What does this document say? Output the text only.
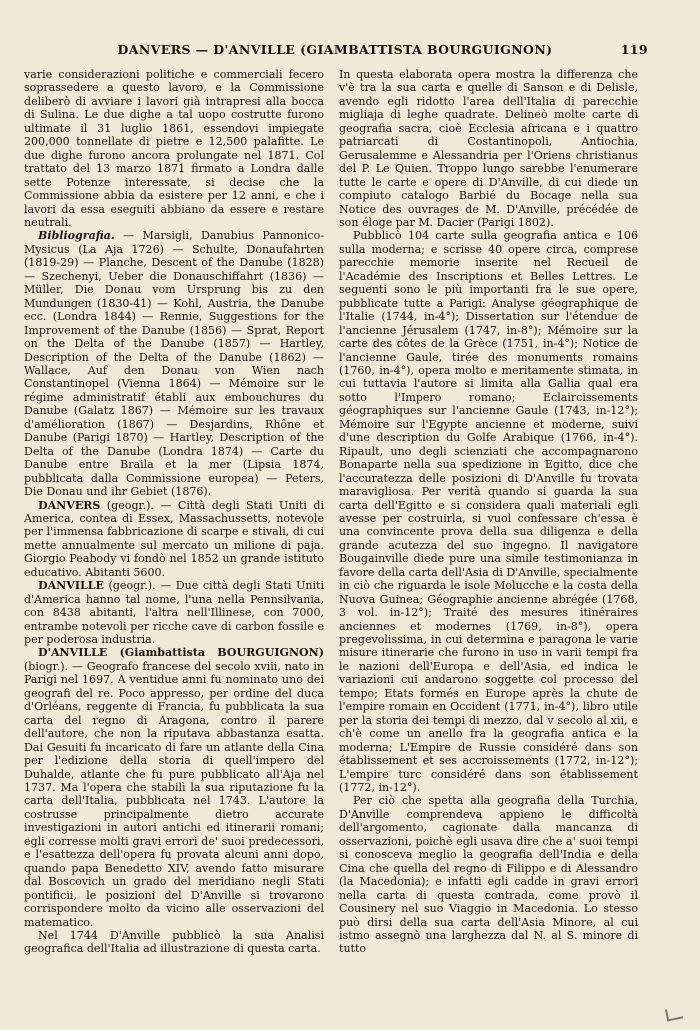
DANVERS — D'ANVILLE (GIAMBATTISTA BOURGUIGNON)	119

varie considerazioni politiche e commerciali fecero soprassedere a questo lavoro, e la Commissione deliberò di avviare i lavori già intrapresi alla bocca di Sulina. Le due dighe a tal uopo costrutte furono ultimate il 31 luglio 1861, essendovi impiegate 200,000 tonnellate di pietre e 12,500 palafitte. Le due dighe furono ancora prolungate nel 1871. Col trattato del 13 marzo 1871 firmato a Londra dalle sette Potenze interessate, si decise che la Commissione abbia da esistere per 12 anni, e che i lavori da essa eseguiti abbiano da essere e restare neutrali.

Bibliografia. — Marsigli, Danubius Pannonico-Mysicus (La Aja 1726) — Schulte, Donaufahrten (1819-29) — Planche, Descent of the Danube (1828) — Szechenyi, Ueber die Donauschiffahrt (1836) — Müller, Die Donau vom Ursprung bis zu den Mundungen (1830-41) — Kohl, Austria, the Danube ecc. (Londra 1844) — Rennie, Suggestions for the Improvement of the Danube (1856) — Sprat, Report on the Delta of the Danube (1857) — Hartley, Description of the Delta of the Danube (1862) — Wallace, Auf den Donau von Wien nach Constantinopel (Vienna 1864) — Mémoire sur le régime administratif établi aux embouchures du Danube (Galatz 1867) — Mémoire sur les travaux d'amélioration (1867) — Desjardins, Rhône et Danube (Parigi 1870) — Hartley, Description of the Delta of the Danube (Londra 1874) — Carte du Danube entre Braila et la mer (Lipsia 1874, pubblicata dalla Commissione europea) — Peters, Die Donau und ihr Gebiet (1876).

DANVERS (geogr.). — Città degli Stati Uniti di America, contea di Essex, Massachussetts, notevole per l'immensa fabbricazione di scarpe e stivali, di cui mette annualmente sul mercato un milione di paja. Giorgio Peabody vi fondò nel 1852 un grande istituto educativo. Abitanti 5600.

DANVILLE (geogr.). — Due città degli Stati Uniti d'America hanno tal nome, l'una nella Pennsilvania, con 8438 abitanti, l'altra nell'Illinese, con 7000, entrambe notevoli per ricche cave di carbon fossile e per poderosa industria.

D'ANVILLE (Giambattista BOURGUIGNON) (biogr.). — Geografo francese del secolo xviii, nato in Parigi nel 1697. A ventidue anni fu nominato uno dei geografi del re. Poco appresso, per ordine del duca d'Orléans, reggente di Francia, fu pubblicata la sua carta del regno di Aragona, contro il parere dell'autore, che non la riputava abbastanza esatta. Dai Gesuiti fu incaricato di fare un atlante della Cina per l'edizione della storia di quell'impero del Duhalde, atlante che fu pure pubblicato all'Aja nel 1737. Ma l'opera che stabilì la sua riputazione fu la carta dell'Italia, pubblicata nel 1743. L'autore la costrusse principalmente dietro accurate investigazioni in autori antichi ed itinerarii romani; egli corresse molti gravi errori de' suoi predecessori, e l'esattezza dell'opera fu provata alcuni anni dopo, quando papa Benedetto XIV, avendo fatto misurare dal Boscovich un grado del meridiano negli Stati pontificii, le posizioni del D'Anville si trovarono corrispondere molto da vicino alle osservazioni del matematico.

Nel 1744 D'Anville pubblicò la sua Analisi geografica dell'Italia ad illustrazione di questa carta.

In questa elaborata opera mostra la differenza che v'è tra la sua carta e quelle di Sanson e di Delisle, avendo egli ridotto l'area dell'Italia di parecchie migliaja di leghe quadrate. Delineò molte carte di geografia sacra, cioè Ecclesia africana e i quattro patriarcati di Costantinopoli, Antiochia, Gerusalemme e Alessandria per l'Oriens christianus del P. Le Quien. Troppo lungo sarebbe l'enumerare tutte le carte e opere di D'Anville, di cui diede un compiuto catalogo Barbié du Bocage nella sua Notice des ouvrages de M. D'Anville, précédée de son éloge par M. Dacier (Parigi 1802).

Pubblicò 104 carte sulla geografia antica e 106 sulla moderna; e scrisse 40 opere circa, comprese parecchie memorie inserite nel Recueil de l'Académie des Inscriptions et Belles Lettres. Le seguenti sono le più importanti fra le sue opere, pubblicate tutte a Parigi: Analyse géographique de l'Italie (1744, in-4°); Dissertation sur l'étendue de l'ancienne Jérusalem (1747, in-8°); Mémoire sur la carte des côtes de la Grèce (1751, in-4°); Notice de l'ancienne Gaule, tirée des monuments romains (1760, in-4°), opera molto e meritamente stimata, in cui tuttavia l'autore si limita alla Gallia qual era sotto l'Impero romano; Eclaircissements géographiques sur l'ancienne Gaule (1743, in-12°); Mémoire sur l'Egypte ancienne et moderne, suivi d'une description du Golfe Arabique (1766, in-4°). Ripault, uno degli scienziati che accompagnarono Bonaparte nella sua spedizione in Egitto, dice che l'accuratezza delle posizioni di D'Anville fu trovata maravigliosa. Per verità quando si guarda la sua carta dell'Egitto e si considera quali materiali egli avesse per costruirla, si vuol confessare ch'essa è una convincente prova della sua diligenza e della grande acutezza del suo ingegno. Il navigatore Bougainville diede pure una simile testimonianza in favore della carta dell'Asia di D'Anville, specialmente in ciò che riguarda le isole Molucche e la costa della Nuova Guinea; Géographie ancienne abrégée (1768, 3 vol. in-12°); Traité des mesures itinéraires anciennes et modernes (1769, in-8°), opera pregevolissima, in cui determina e paragona le varie misure itinerarie che furono in uso in varii tempi fra le nazioni dell'Europa e dell'Asia, ed indica le variazioni cui andarono soggette col processo del tempo; Etats formés en Europe après la chute de l'empire romain en Occident (1771, in-4°), libro utile per la storia dei tempi di mezzo, dal v secolo al xii, e ch'è come un anello fra la geografia antica e la moderna; L'Empire de Russie considéré dans son établissement et ses accroissements (1772, in-12°); L'empire turc considéré dans son établissement (1772, in-12°).

Per ciò che spetta alla geografia della Turchia, D'Anville comprendeva appieno le difficoltà dell'argomento, cagionate dalla mancanza di osservazioni, poichè egli usava dire che a' suoi tempi si conosceva meglio la geografia dell'India e della Cina che quella del regno di Filippo e di Alessandro (la Macedonia); e infatti egli cadde in gravi errori nella carta di questa contrada, come provò il Cousinery nel suo Viaggio in Macedonia. Lo stesso può dirsi della sua carta dell'Asia Minore, al cui istmo assegnò una larghezza dal N. al S. minore di tutto
